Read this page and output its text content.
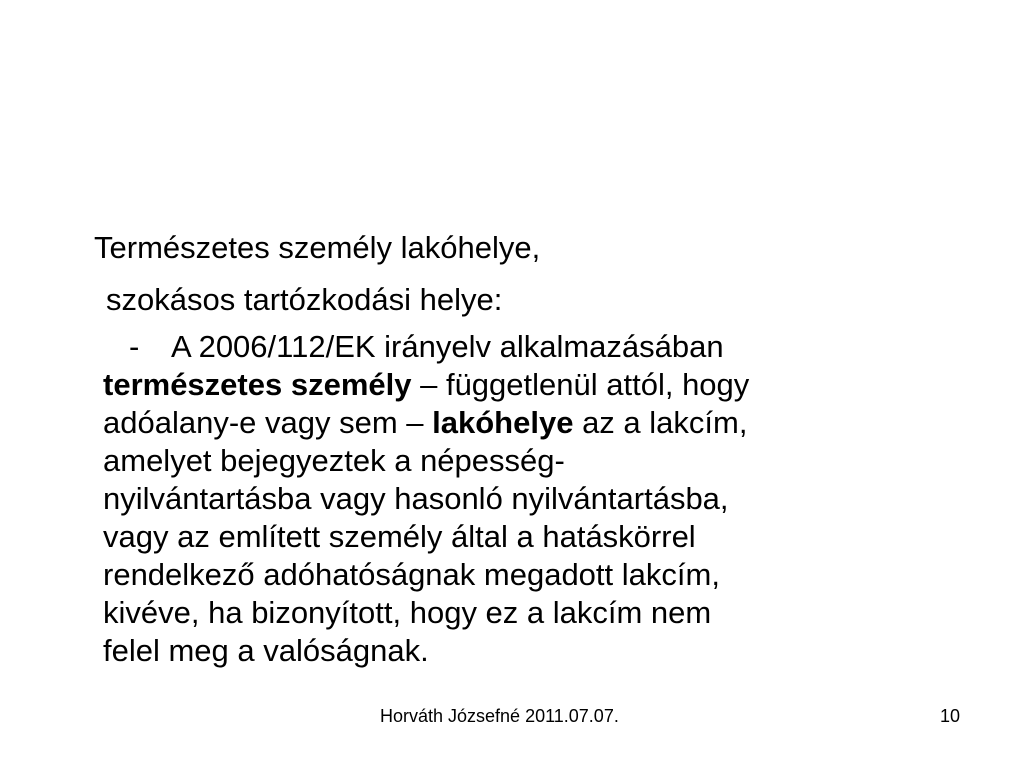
Természetes személy lakóhelye,
szokásos tartózkodási helye:
- A 2006/112/EK irányelv alkalmazásában
természetes személy – függetlenül attól, hogy
adóalany-e vagy sem – lakóhelye az a lakcím,
amelyet bejegyeztek a népesség-
nyilvántartásba vagy hasonló nyilvántartásba,
vagy az említett személy által a hatáskörrel
rendelkező adóhatóságnak megadott lakcím,
kivéve, ha bizonyított, hogy ez a lakcím nem
felel meg a valóságnak.
Horváth Józsefné 2011.07.07.	10
